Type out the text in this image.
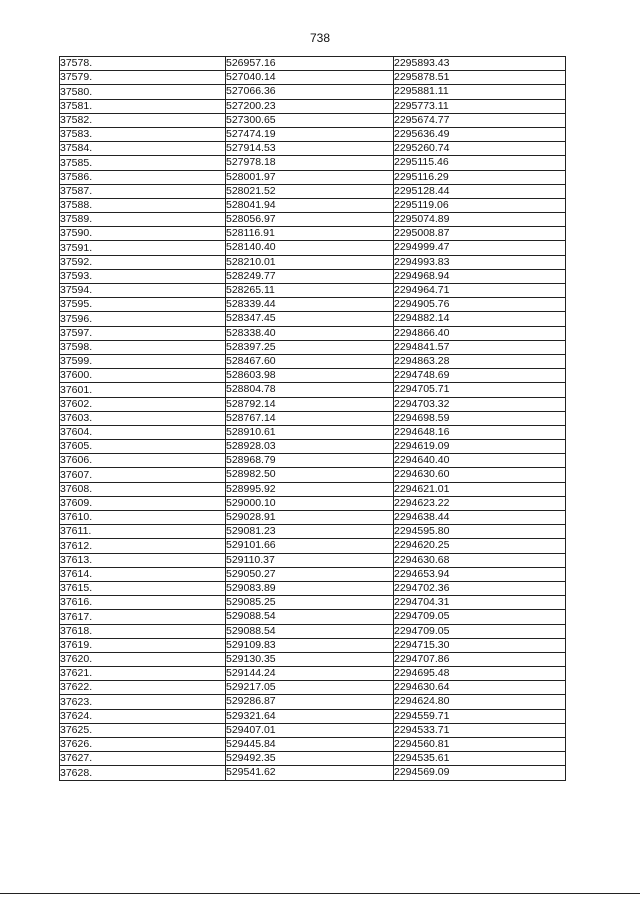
738
37578.	526957.16	2295893.43
37579.	527040.14	2295878.51
37580.	527066.36	2295881.11
37581.	527200.23	2295773.11
37582.	527300.65	2295674.77
37583.	527474.19	2295636.49
37584.	527914.53	2295260.74
37585.	527978.18	2295115.46
37586.	528001.97	2295116.29
37587.	528021.52	2295128.44
37588.	528041.94	2295119.06
37589.	528056.97	2295074.89
37590.	528116.91	2295008.87
37591.	528140.40	2294999.47
37592.	528210.01	2294993.83
37593.	528249.77	2294968.94
37594.	528265.11	2294964.71
37595.	528339.44	2294905.76
37596.	528347.45	2294882.14
37597.	528338.40	2294866.40
37598.	528397.25	2294841.57
37599.	528467.60	2294863.28
37600.	528603.98	2294748.69
37601.	528804.78	2294705.71
37602.	528792.14	2294703.32
37603.	528767.14	2294698.59
37604.	528910.61	2294648.16
37605.	528928.03	2294619.09
37606.	528968.79	2294640.40
37607.	528982.50	2294630.60
37608.	528995.92	2294621.01
37609.	529000.10	2294623.22
37610.	529028.91	2294638.44
37611.	529081.23	2294595.80
37612.	529101.66	2294620.25
37613.	529110.37	2294630.68
37614.	529050.27	2294653.94
37615.	529083.89	2294702.36
37616.	529085.25	2294704.31
37617.	529088.54	2294709.05
37618.	529088.54	2294709.05
37619.	529109.83	2294715.30
37620.	529130.35	2294707.86
37621.	529144.24	2294695.48
37622.	529217.05	2294630.64
37623.	529286.87	2294624.80
37624.	529321.64	2294559.71
37625.	529407.01	2294533.71
37626.	529445.84	2294560.81
37627.	529492.35	2294535.61
37628.	529541.62	2294569.09
